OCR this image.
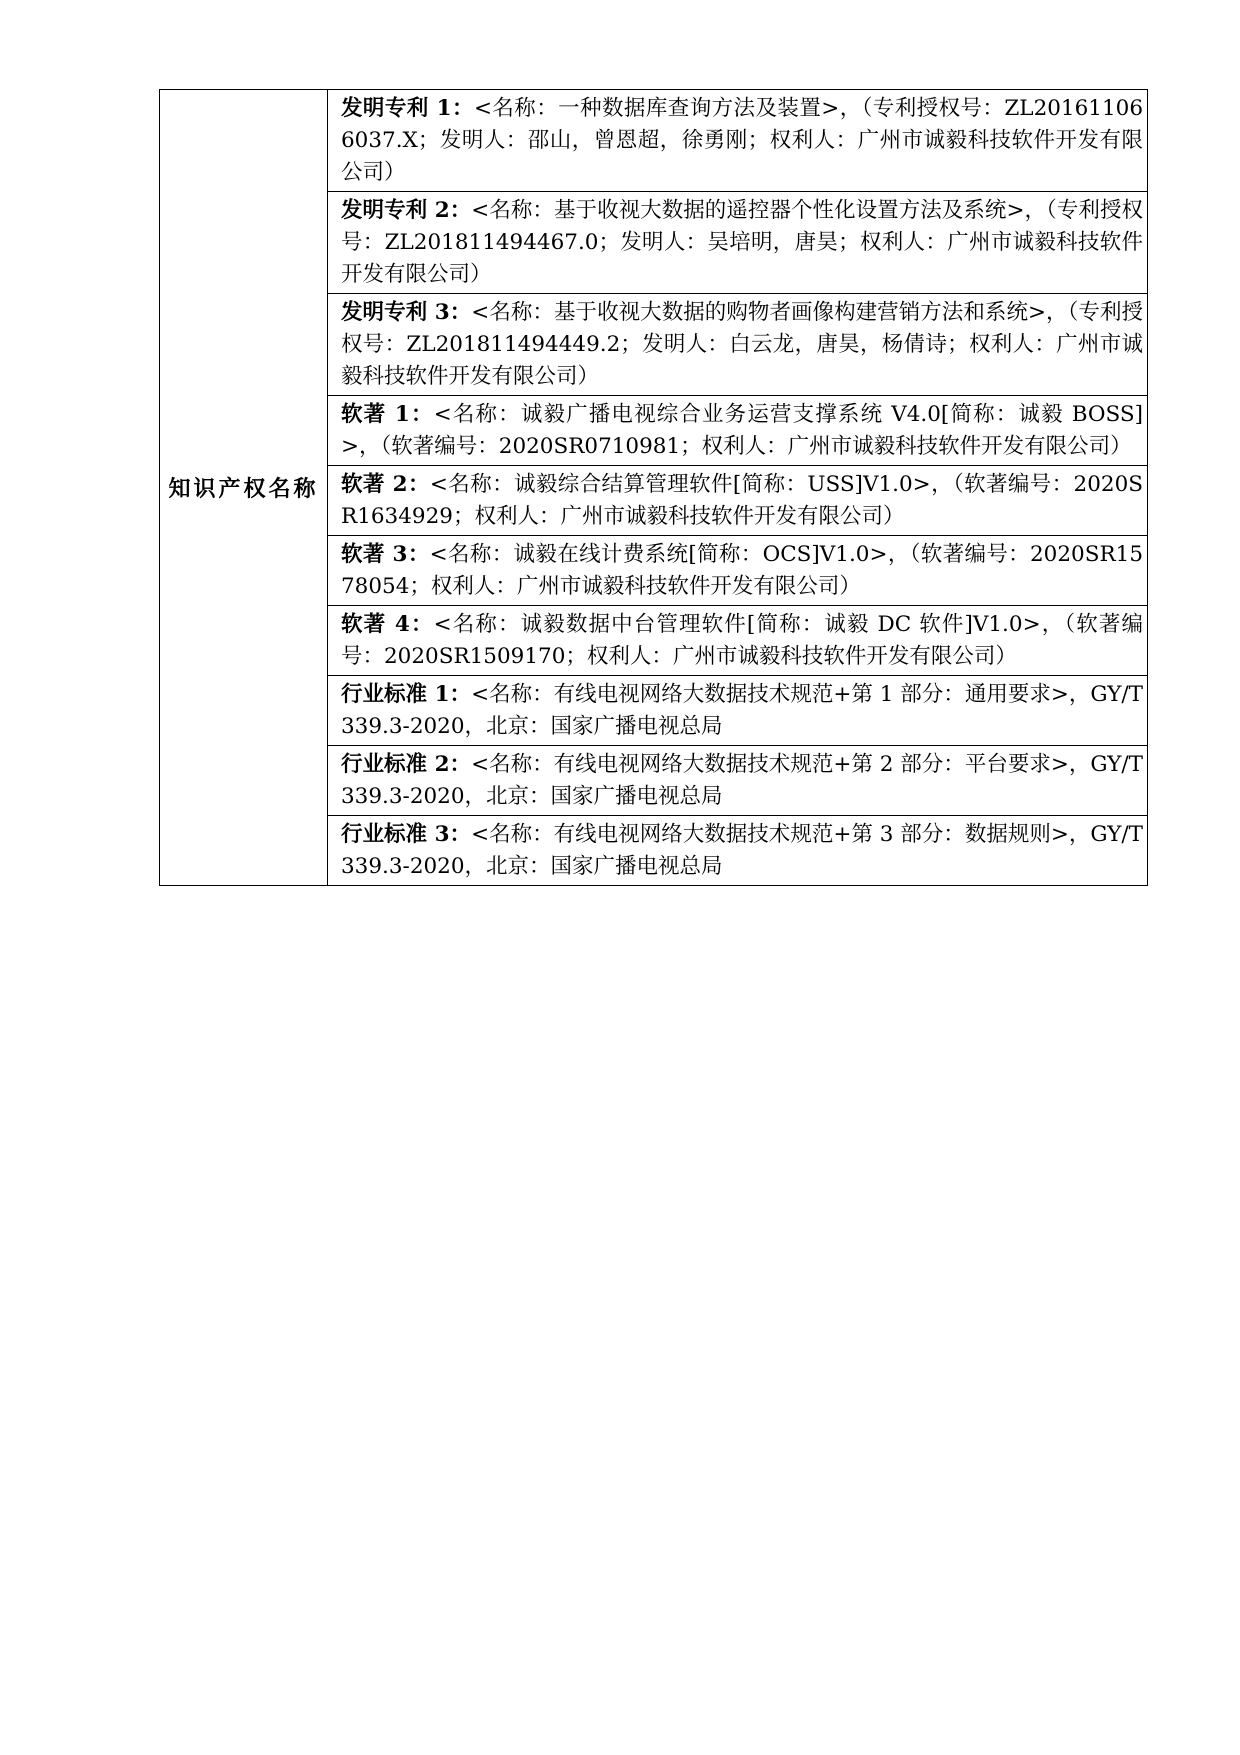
知识产权名称	发明专利 1：<名称：一种数据库查询方法及装置>，（专利授权号：ZL201611066037.X；发明人：邵山，曾恩超，徐勇刚；权利人：广州市诚毅科技软件开发有限公司）
发明专利 2：<名称：基于收视大数据的遥控器个性化设置方法及系统>，（专利授权号：ZL201811494467.0；发明人：吴培明，唐昊；权利人：广州市诚毅科技软件开发有限公司）
发明专利 3：<名称：基于收视大数据的购物者画像构建营销方法和系统>，（专利授权号：ZL201811494449.2；发明人：白云龙，唐昊，杨倩诗；权利人：广州市诚毅科技软件开发有限公司）
软著 1：<名称：诚毅广播电视综合业务运营支撑系统 V4.0[简称：诚毅 BOSS]>，（软著编号：2020SR0710981；权利人：广州市诚毅科技软件开发有限公司）
软著 2：<名称：诚毅综合结算管理软件[简称：USS]V1.0>，（软著编号：2020SR1634929；权利人：广州市诚毅科技软件开发有限公司）
软著 3：<名称：诚毅在线计费系统[简称：OCS]V1.0>，（软著编号：2020SR1578054；权利人：广州市诚毅科技软件开发有限公司）
软著 4：<名称：诚毅数据中台管理软件[简称：诚毅 DC 软件]V1.0>，（软著编号：2020SR1509170；权利人：广州市诚毅科技软件开发有限公司）
行业标准 1：<名称：有线电视网络大数据技术规范+第 1 部分：通用要求>，GY/T 339.3-2020，北京：国家广播电视总局
行业标准 2：<名称：有线电视网络大数据技术规范+第 2 部分：平台要求>，GY/T 339.3-2020，北京：国家广播电视总局
行业标准 3：<名称：有线电视网络大数据技术规范+第 3 部分：数据规则>，GY/T 339.3-2020，北京：国家广播电视总局
